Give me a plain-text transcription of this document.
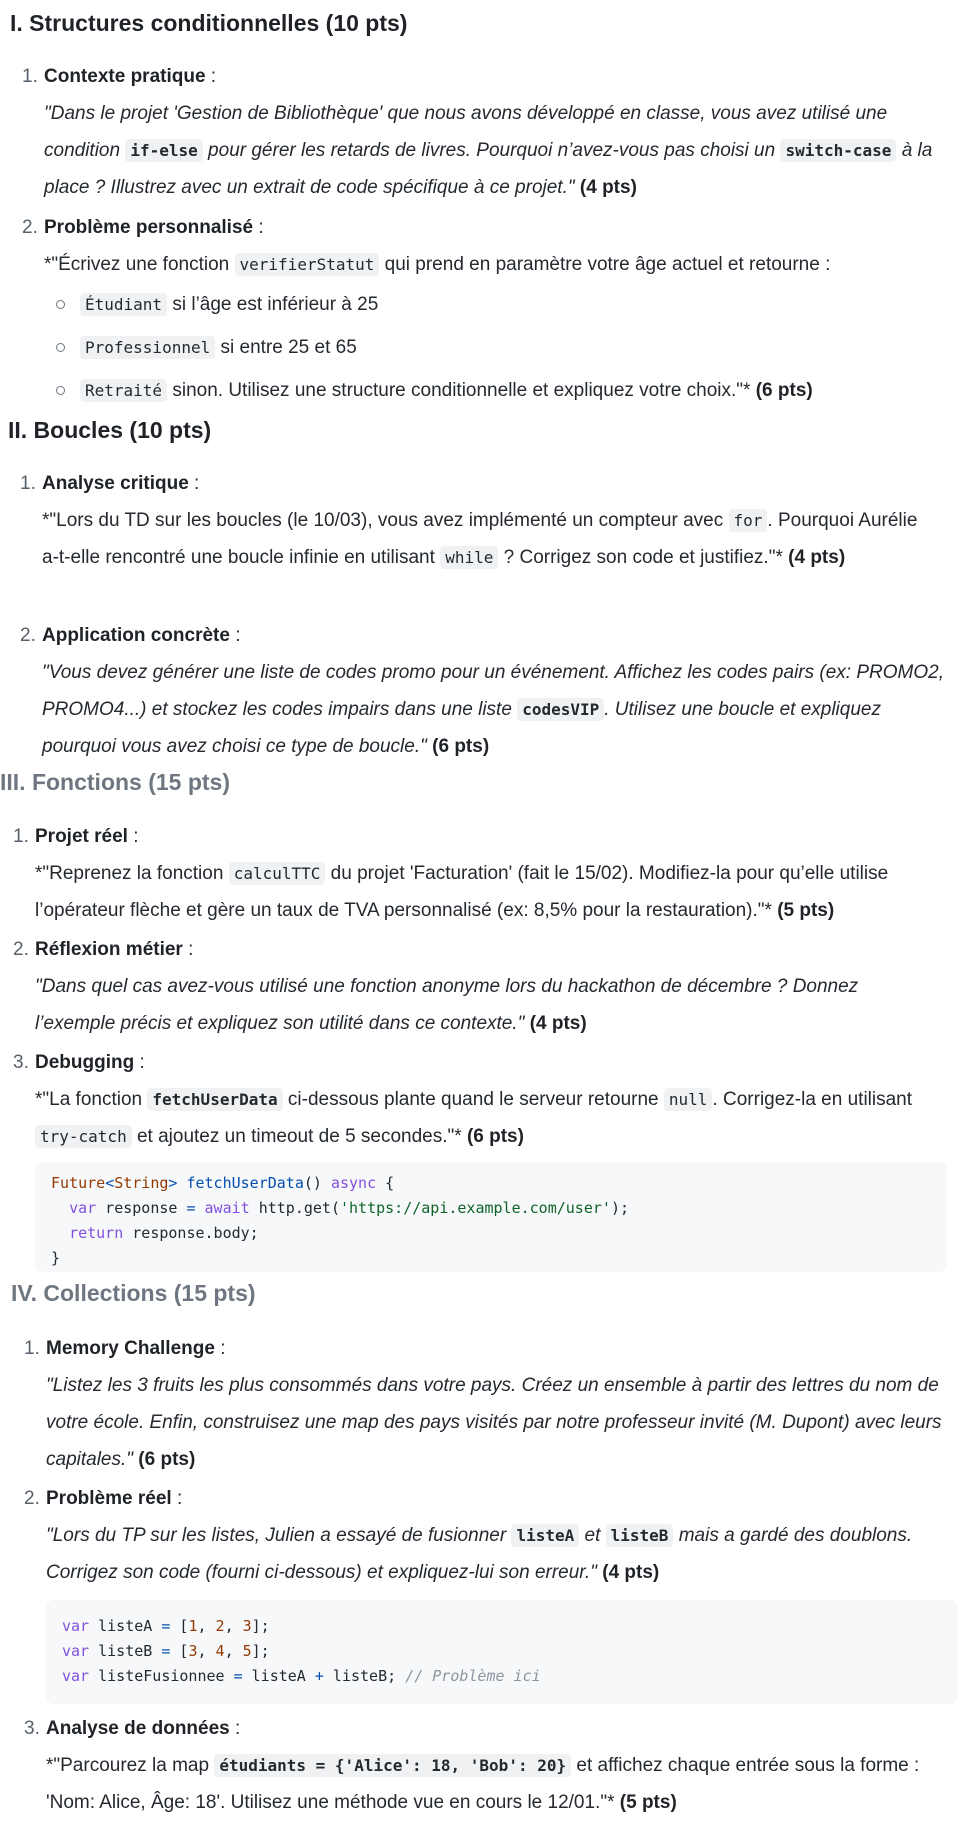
I. Structures conditionnelles (10 pts)
1. Contexte pratique :
"Dans le projet 'Gestion de Bibliothèque' que nous avons développé en classe, vous avez utilisé une condition if-else pour gérer les retards de livres. Pourquoi n’avez-vous pas choisi un switch-case à la place ? Illustrez avec un extrait de code spécifique à ce projet." (4 pts)
2. Problème personnalisé :
*"Écrivez une fonction verifierStatut qui prend en paramètre votre âge actuel et retourne :
Étudiant si l’âge est inférieur à 25
Professionnel si entre 25 et 65
Retraité sinon. Utilisez une structure conditionnelle et expliquez votre choix."* (6 pts)
II. Boucles (10 pts)
1. Analyse critique :
*"Lors du TD sur les boucles (le 10/03), vous avez implémenté un compteur avec for . Pourquoi Aurélie a-t-elle rencontré une boucle infinie en utilisant while ? Corrigez son code et justifiez."* (4 pts)
2. Application concrète :
"Vous devez générer une liste de codes promo pour un événement. Affichez les codes pairs (ex: PROMO2, PROMO4...) et stockez les codes impairs dans une liste codesVIP . Utilisez une boucle et expliquez pourquoi vous avez choisi ce type de boucle." (6 pts)
III. Fonctions (15 pts)
1. Projet réel :
*"Reprenez la fonction calculTTC du projet 'Facturation' (fait le 15/02). Modifiez-la pour qu’elle utilise l’opérateur flèche et gère un taux de TVA personnalisé (ex: 8,5% pour la restauration)."* (5 pts)
2. Réflexion métier :
"Dans quel cas avez-vous utilisé une fonction anonyme lors du hackathon de décembre ? Donnez l’exemple précis et expliquez son utilité dans ce contexte." (4 pts)
3. Debugging :
*"La fonction fetchUserData ci-dessous plante quand le serveur retourne null . Corrigez-la en utilisant try-catch et ajoutez un timeout de 5 secondes."* (6 pts)
Future<String> fetchUserData() async {
var response = await http.get('https://api.example.com/user');
return response.body;
}
IV. Collections (15 pts)
1. Memory Challenge :
"Listez les 3 fruits les plus consommés dans votre pays. Créez un ensemble à partir des lettres du nom de votre école. Enfin, construisez une map des pays visités par notre professeur invité (M. Dupont) avec leurs capitales." (6 pts)
2. Problème réel :
"Lors du TP sur les listes, Julien a essayé de fusionner listeA et listeB mais a gardé des doublons. Corrigez son code (fourni ci-dessous) et expliquez-lui son erreur." (4 pts)
var listeA = [1, 2, 3];
var listeB = [3, 4, 5];
var listeFusionnee = listeA + listeB; // Problème ici
3. Analyse de données :
*"Parcourez la map étudiants = {'Alice': 18, 'Bob': 20} et affichez chaque entrée sous la forme : 'Nom: Alice, Âge: 18'. Utilisez une méthode vue en cours le 12/01."* (5 pts)
